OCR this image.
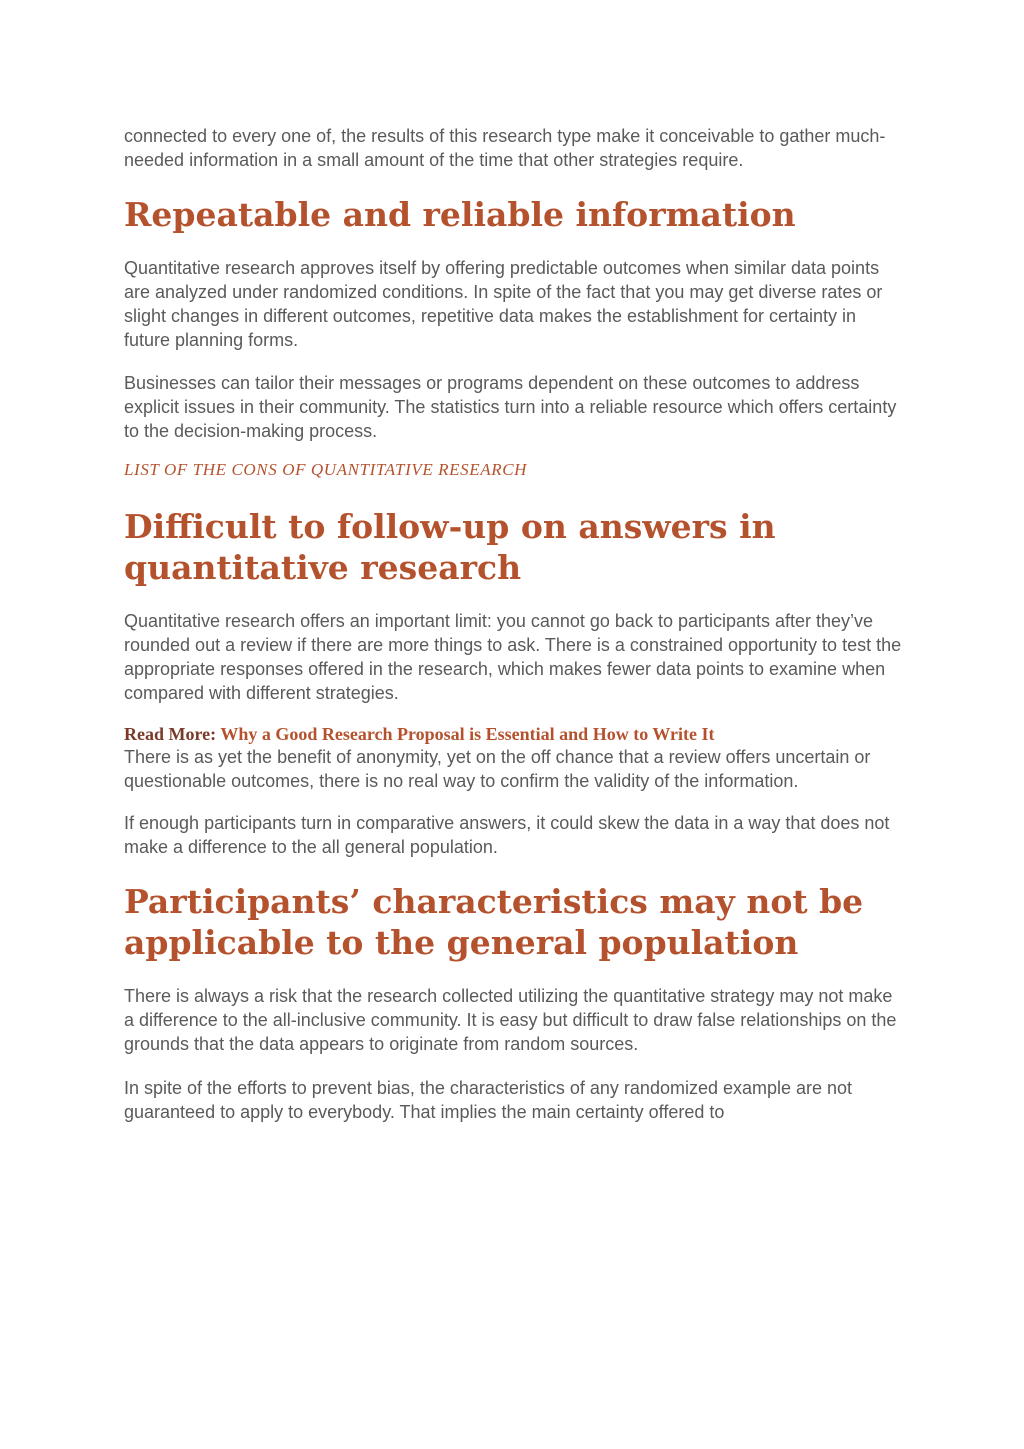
connected to every one of, the results of this research type make it conceivable to gather much-needed information in a small amount of the time that other strategies require.

Repeatable and reliable information

Quantitative research approves itself by offering predictable outcomes when similar data points are analyzed under randomized conditions. In spite of the fact that you may get diverse rates or slight changes in different outcomes, repetitive data makes the establishment for certainty in future planning forms.

Businesses can tailor their messages or programs dependent on these outcomes to address explicit issues in their community. The statistics turn into a reliable resource which offers certainty to the decision-making process.

LIST OF THE CONS OF QUANTITATIVE RESEARCH

Difficult to follow-up on answers in quantitative research

Quantitative research offers an important limit: you cannot go back to participants after they’ve rounded out a review if there are more things to ask. There is a constrained opportunity to test the appropriate responses offered in the research, which makes fewer data points to examine when compared with different strategies.

Read More: Why a Good Research Proposal is Essential and How to Write It

There is as yet the benefit of anonymity, yet on the off chance that a review offers uncertain or questionable outcomes, there is no real way to confirm the validity of the information.

If enough participants turn in comparative answers, it could skew the data in a way that does not make a difference to the all general population.

Participants’ characteristics may not be applicable to the general population

There is always a risk that the research collected utilizing the quantitative strategy may not make a difference to the all-inclusive community. It is easy but difficult to draw false relationships on the grounds that the data appears to originate from random sources.

In spite of the efforts to prevent bias, the characteristics of any randomized example are not guaranteed to apply to everybody. That implies the main certainty offered to
